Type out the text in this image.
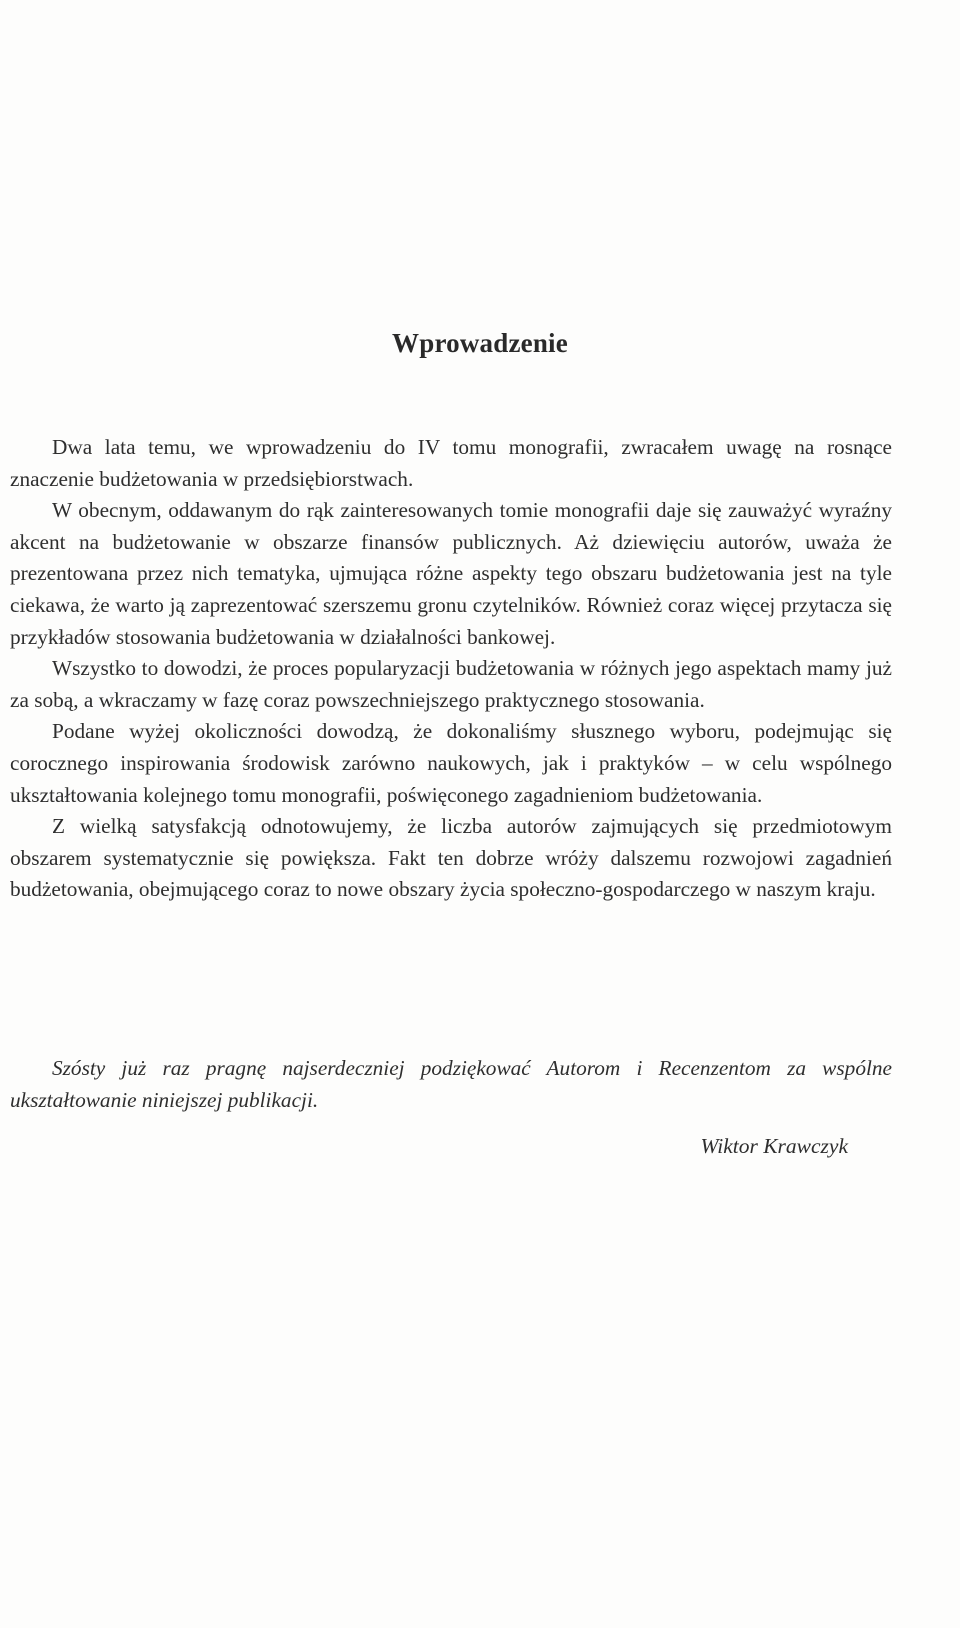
Wprowadzenie

Dwa lata temu, we wprowadzeniu do IV tomu monografii, zwracałem uwagę na rosnące znaczenie budżetowania w przedsiębiorstwach.

W obecnym, oddawanym do rąk zainteresowanych tomie monografii daje się zauważyć wyraźny akcent na budżetowanie w obszarze finansów publicznych. Aż dziewięciu autorów, uważa że prezentowana przez nich tematyka, ujmująca różne aspekty tego obszaru budżetowania jest na tyle ciekawa, że warto ją zaprezentować szerszemu gronu czytelników. Również coraz więcej przytacza się przykładów stosowania budżetowania w działalności bankowej.

Wszystko to dowodzi, że proces popularyzacji budżetowania w różnych jego aspektach mamy już za sobą, a wkraczamy w fazę coraz powszechniejszego praktycznego stosowania.

Podane wyżej okoliczności dowodzą, że dokonaliśmy słusznego wyboru, podejmując się corocznego inspirowania środowisk zarówno naukowych, jak i praktyków – w celu wspólnego ukształtowania kolejnego tomu monografii, poświęconego zagadnieniom budżetowania.

Z wielką satysfakcją odnotowujemy, że liczba autorów zajmujących się przedmiotowym obszarem systematycznie się powiększa. Fakt ten dobrze wróży dalszemu rozwojowi zagadnień budżetowania, obejmującego coraz to nowe obszary życia społeczno-gospodarczego w naszym kraju.

Szósty już raz pragnę najserdeczniej podziękować Autorom i Recenzentom za wspólne ukształtowanie niniejszej publikacji.

Wiktor Krawczyk
